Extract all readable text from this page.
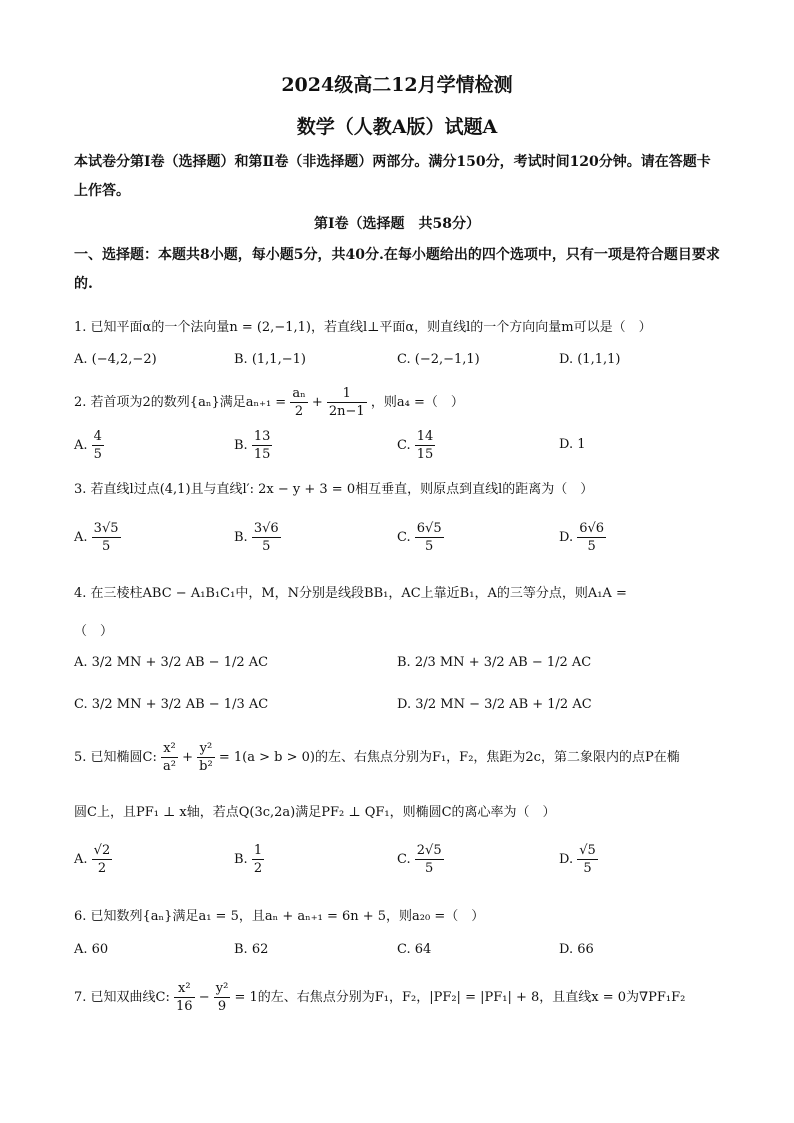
2024级高二12月学情检测
数学（人教A版）试题A
本试卷分第Ⅰ卷（选择题）和第Ⅱ卷（非选择题）两部分。满分150分，考试时间120分钟。请在答题卡上作答。
第Ⅰ卷（选择题　共58分）
一、选择题：本题共8小题，每小题5分，共40分.在每小题给出的四个选项中，只有一项是符合题目要求的.
1. 已知平面α的一个法向量n = (2,−1,1)，若直线l⊥平面α，则直线l的一个方向向量m可以是（　）
A. (−4,2,−2)	B. (1,1,−1)	C. (−2,−1,1)	D. (1,1,1)
2. 若首项为2的数列{aₙ}满足$a_{n+1} = \frac{\text{aₙ}}{2} + \frac{1}{2n-1}$ ，则a₄ =（　）
A. $\frac{4}{5}$	B. $\frac{13}{15}$	C. $\frac{14}{15}$	D. 1
3. 若直线l过点(4,1)且与直线l′: 2x − y + 3 = 0相互垂直，则原点到直线l的距离为（　）
A. $\frac{3√5}{5}$	B. $\frac{3√6}{5}$	C. $\frac{6√5}{5}$	D. $\frac{6√6}{5}$
4. 在三棱柱ABC − A₁B₁C₁中，M，N分别是线段BB₁，AC上靠近B₁，A的三等分点，则A₁A =
（　）
A. 3/2 MN + 3/2 AB − 1/2 AC	B. 2/3 MN + 3/2 AB − 1/2 AC
C. 3/2 MN + 3/2 AB − 1/3 AC	D. 3/2 MN − 3/2 AB + 1/2 AC
5. 已知椭圆C: $\frac{\text{x²}}{\text{a²}} + \frac{\text{y²}}{\text{b²}} = 1(a > b > 0)$的左、右焦点分别为F₁，F₂，焦距为2c，第二象限内的点P在椭
圆C上，且PF₁ ⊥ x轴，若点Q(3c,2a)满足PF₂ ⊥ QF₁，则椭圆C的离心率为（　）
A. $\frac{√2}{2}$	B. $\frac{1}{2}$	C. $\frac{2√5}{5}$	D. $\frac{√5}{5}$
6. 已知数列{aₙ}满足a₁ = 5，且aₙ + aₙ₊₁ = 6n + 5，则a₂₀ =（　）
A. 60	B. 62	C. 64	D. 66
7. 已知双曲线C: $\frac{\text{x²}}{16} - \frac{\text{y²}}{9} = 1$的左、右焦点分别为F₁，F₂，|PF₂| = |PF₁| + 8，且直线x = 0为∇PF₁F₂
